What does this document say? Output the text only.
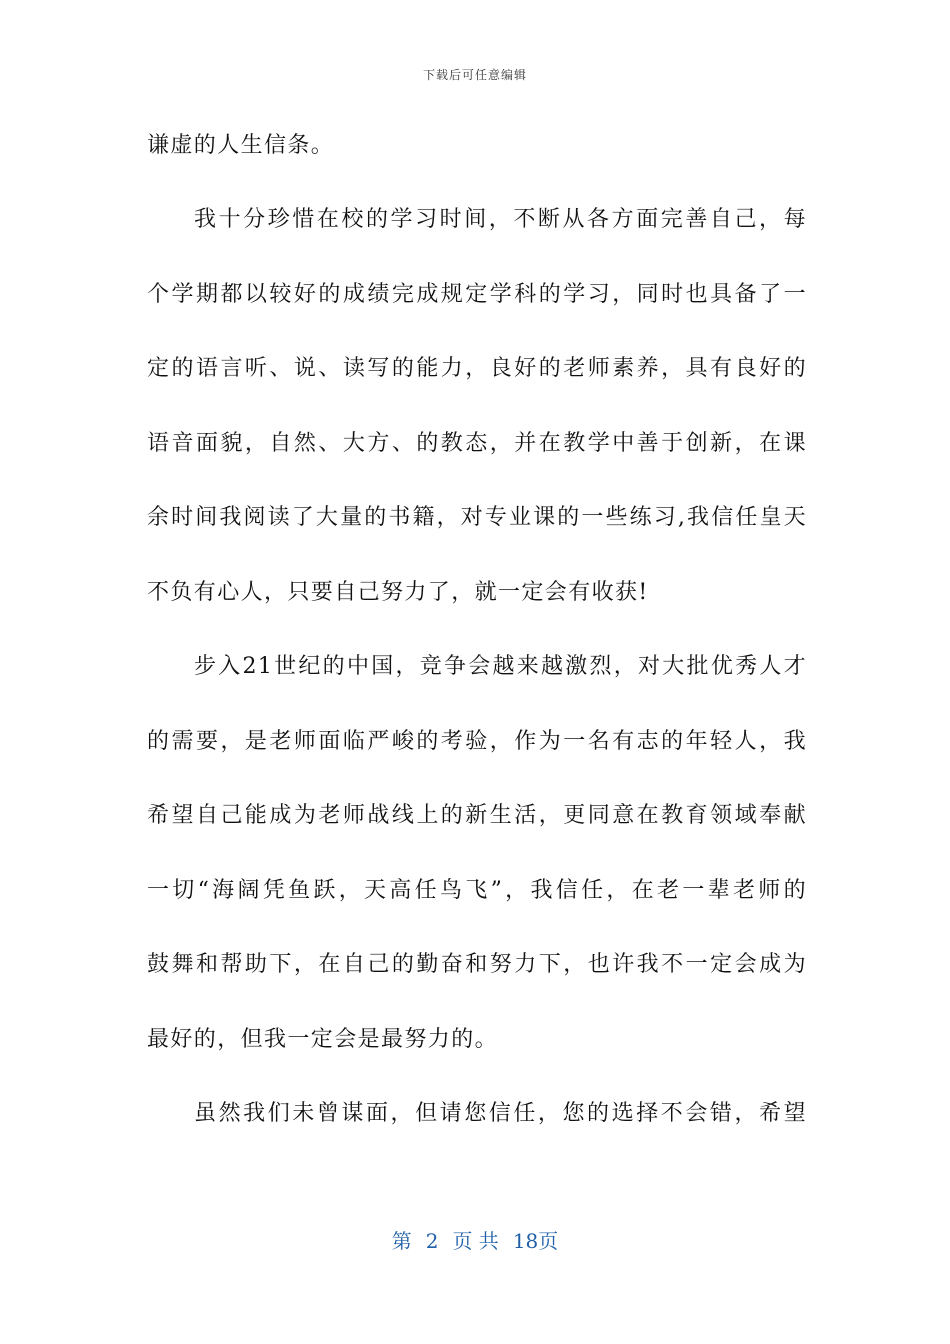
下载后可任意编辑
谦虚的人生信条。
我十分珍惜在校的学习时间，不断从各方面完善自己，每
个学期都以较好的成绩完成规定学科的学习，同时也具备了一
定的语言听、说、读写的能力，良好的老师素养，具有良好的
语音面貌，自然、大方、的教态，并在教学中善于创新，在课
余时间我阅读了大量的书籍，对专业课的一些练习,我信任皇天
不负有心人，只要自己努力了，就一定会有收获!
步入21世纪的中国，竞争会越来越激烈，对大批优秀人才
的需要，是老师面临严峻的考验，作为一名有志的年轻人，我
希望自己能成为老师战线上的新生活，更同意在教育领域奉献
一切“海阔凭鱼跃，天高任鸟飞”，我信任，在老一辈老师的
鼓舞和帮助下，在自己的勤奋和努力下，也许我不一定会成为
最好的，但我一定会是最努力的。
虽然我们未曾谋面，但请您信任，您的选择不会错，希望
第 2 页 共 18页
